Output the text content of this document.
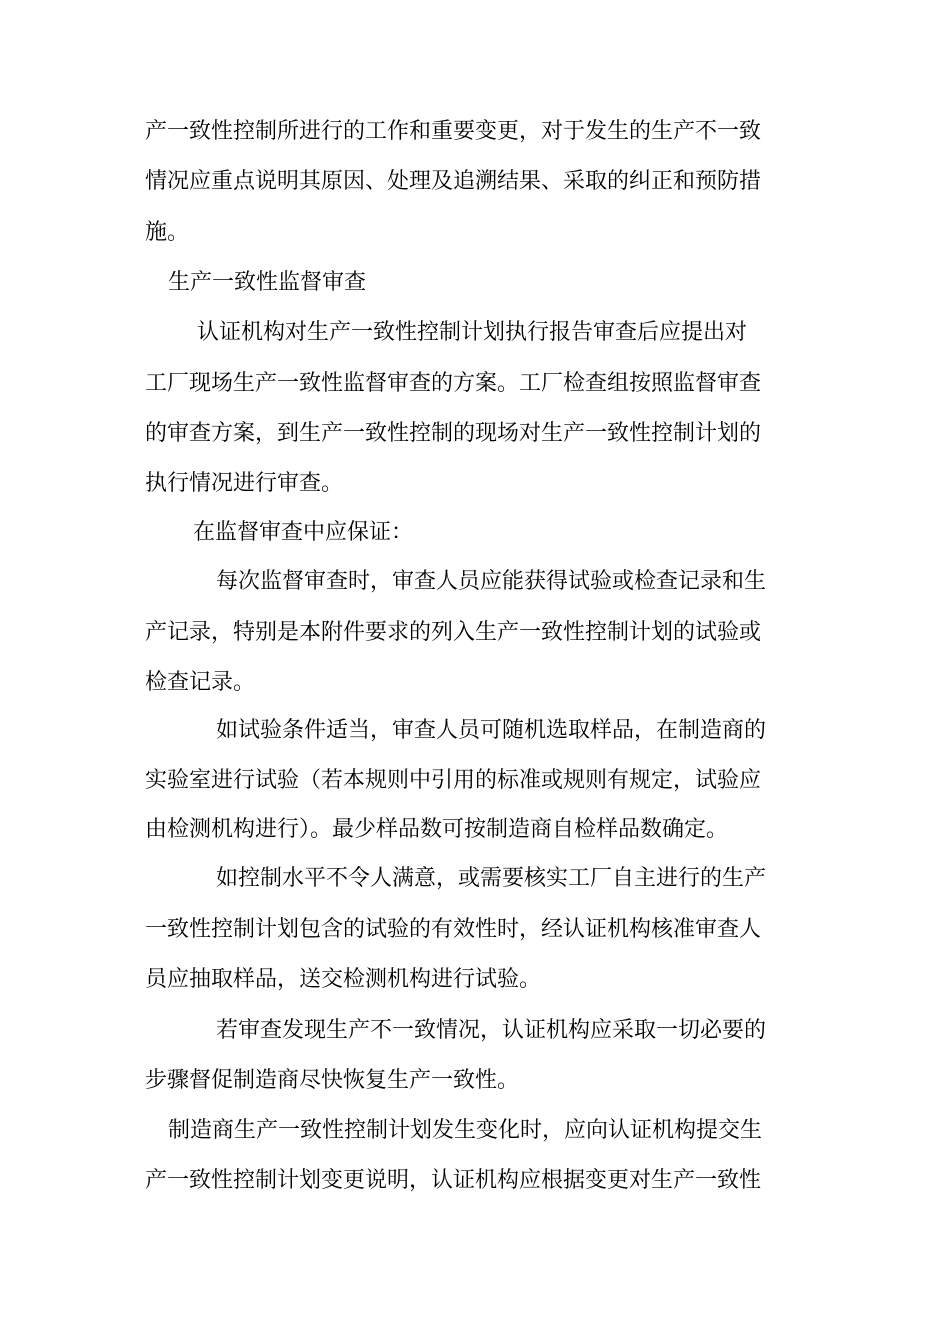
产一致性控制所进行的工作和重要变更，对于发生的生产不一致
情况应重点说明其原因、处理及追溯结果、采取的纠正和预防措
施。
生产一致性监督审查
认证机构对生产一致性控制计划执行报告审查后应提出对
工厂现场生产一致性监督审查的方案。工厂检查组按照监督审查
的审查方案，到生产一致性控制的现场对生产一致性控制计划的
执行情况进行审查。
在监督审查中应保证：
每次监督审查时，审查人员应能获得试验或检查记录和生
产记录，特别是本附件要求的列入生产一致性控制计划的试验或
检查记录。
如试验条件适当，审查人员可随机选取样品，在制造商的
实验室进行试验（若本规则中引用的标准或规则有规定，试验应
由检测机构进行）。最少样品数可按制造商自检样品数确定。
如控制水平不令人满意，或需要核实工厂自主进行的生产
一致性控制计划包含的试验的有效性时，经认证机构核准审查人
员应抽取样品，送交检测机构进行试验。
若审查发现生产不一致情况，认证机构应采取一切必要的
步骤督促制造商尽快恢复生产一致性。
制造商生产一致性控制计划发生变化时，应向认证机构提交生
产一致性控制计划变更说明，认证机构应根据变更对生产一致性
